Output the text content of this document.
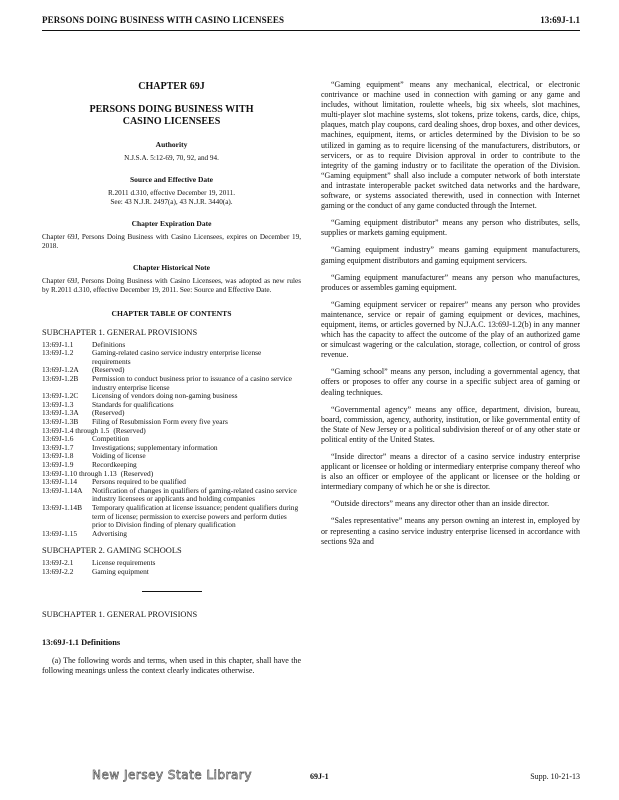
PERSONS DOING BUSINESS WITH CASINO LICENSEES	13:69J-1.1
CHAPTER 69J
PERSONS DOING BUSINESS WITH
CASINO LICENSEES
Authority
N.J.S.A. 5:12-69, 70, 92, and 94.
Source and Effective Date
R.2011 d.310, effective December 19, 2011.
See: 43 N.J.R. 2497(a), 43 N.J.R. 3440(a).
Chapter Expiration Date
Chapter 69J, Persons Doing Business with Casino Licensees, expires on December 19, 2018.
Chapter Historical Note
Chapter 69J, Persons Doing Business with Casino Licensees, was adopted as new rules by R.2011 d.310, effective December 19, 2011. See: Source and Effective Date.
CHAPTER TABLE OF CONTENTS
SUBCHAPTER 1. GENERAL PROVISIONS
13:69J-1.1	Definitions
13:69J-1.2	Gaming-related casino service industry enterprise license requirements
13:69J-1.2A	(Reserved)
13:69J-1.2B	Permission to conduct business prior to issuance of a casino service industry enterprise license
13:69J-1.2C	Licensing of vendors doing non-gaming business
13:69J-1.3	Standards for qualifications
13:69J-1.3A	(Reserved)
13:69J-1.3B	Filing of Resubmission Form every five years
13:69J-1.4 through 1.5 (Reserved)
13:69J-1.6	Competition
13:69J-1.7	Investigations; supplementary information
13:69J-1.8	Voiding of license
13:69J-1.9	Recordkeeping
13:69J-1.10 through 1.13 (Reserved)
13:69J-1.14	Persons required to be qualified
13:69J-1.14A	Notification of changes in qualifiers of gaming-related casino service industry licensees or applicants and holding companies
13:69J-1.14B	Temporary qualification at license issuance; pendent qualifiers during term of license; permission to exercise powers and perform duties prior to Division finding of plenary qualification
13:69J-1.15	Advertising
SUBCHAPTER 2. GAMING SCHOOLS
13:69J-2.1	License requirements
13:69J-2.2	Gaming equipment
SUBCHAPTER 1. GENERAL PROVISIONS
13:69J-1.1 Definitions
(a) The following words and terms, when used in this chapter, shall have the following meanings unless the context clearly indicates otherwise.

“Gaming equipment” means any mechanical, electrical, or electronic contrivance or machine used in connection with gaming or any game and includes, without limitation, roulette wheels, big six wheels, slot machines, multi-player slot machine systems, slot tokens, prize tokens, cards, dice, chips, plaques, match play coupons, card dealing shoes, drop boxes, and other devices, machines, equipment, items, or articles determined by the Division to be so utilized in gaming as to require licensing of the manufacturers, distributors, or servicers, or as to require Division approval in order to contribute to the integrity of the gaming industry or to facilitate the operation of the Division. “Gaming equipment” shall also include a computer network of both interstate and intrastate interoperable packet switched data networks and the hardware, software, or systems associated therewith, used in connection with Internet gaming or the conduct of any game conducted through the Internet.

“Gaming equipment distributor” means any person who distributes, sells, supplies or markets gaming equipment.

“Gaming equipment industry” means gaming equipment manufacturers, gaming equipment distributors and gaming equipment servicers.

“Gaming equipment manufacturer” means any person who manufactures, produces or assembles gaming equipment.

“Gaming equipment servicer or repairer” means any person who provides maintenance, service or repair of gaming equipment or devices, machines, equipment, items, or articles governed by N.J.A.C. 13:69J-1.2(b) in any manner which has the capacity to affect the outcome of the play of an authorized game or simulcast wagering or the calculation, storage, collection, or control of gross revenue.

“Gaming school” means any person, including a governmental agency, that offers or proposes to offer any course in a specific subject area of gaming or dealing techniques.

“Governmental agency” means any office, department, division, bureau, board, commission, agency, authority, institution, or like governmental entity of the State of New Jersey or a political subdivision thereof or of any other state or political entity of the United States.

“Inside director” means a director of a casino service industry enterprise applicant or licensee or holding or intermediary enterprise company thereof who is also an officer or employee of the applicant or licensee or the holding or intermediary company of which he or she is director.

“Outside directors” means any director other than an inside director.

“Sales representative” means any person owning an interest in, employed by or representing a casino service industry enterprise licensed in accordance with sections 92a and

New Jersey State Library	69J-1	Supp. 10-21-13
